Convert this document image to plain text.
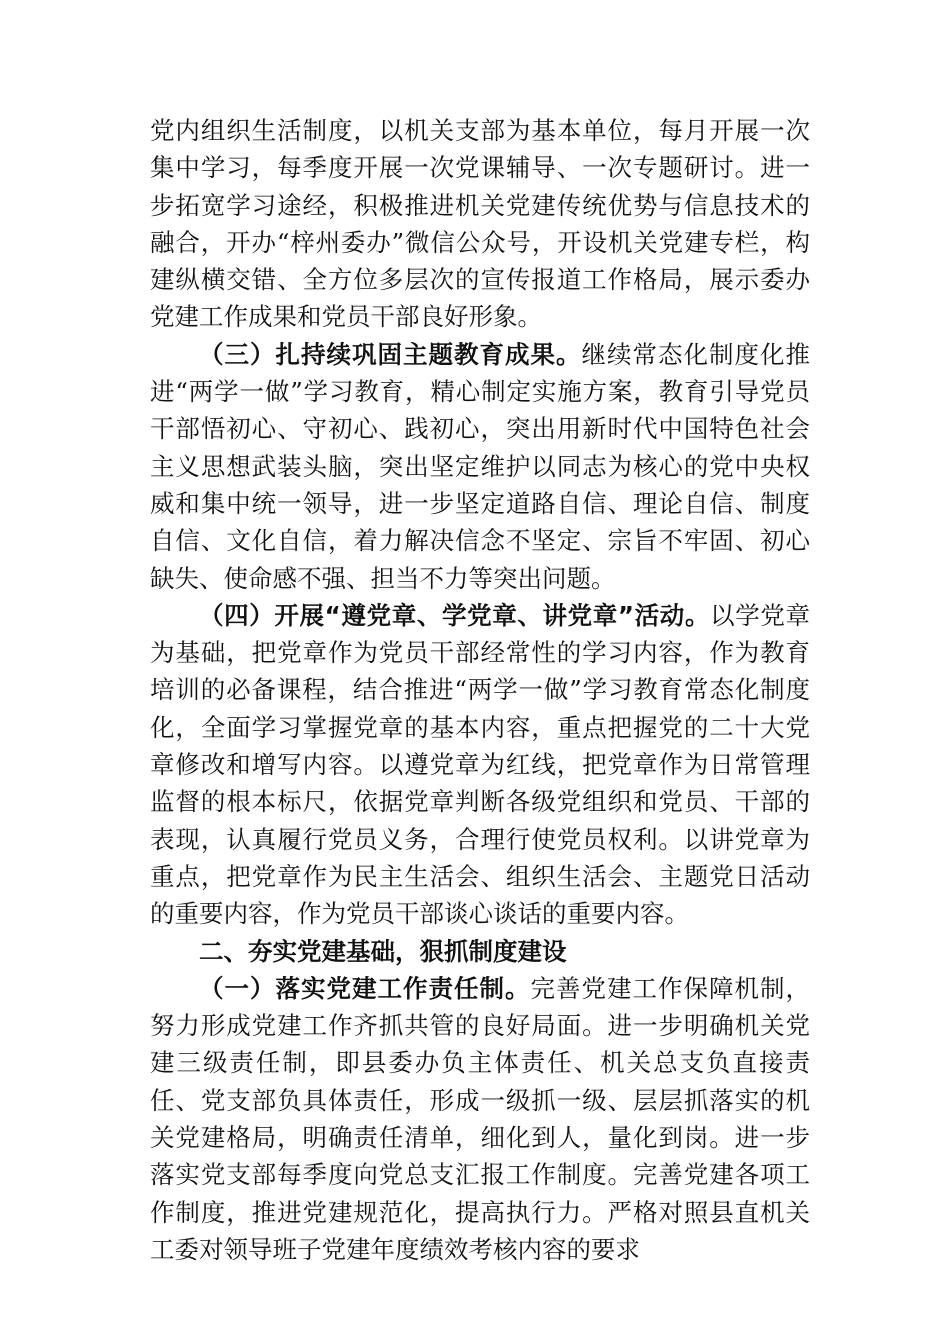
党内组织生活制度，以机关支部为基本单位，每月开展一次集中学习，每季度开展一次党课辅导、一次专题研讨。进一步拓宽学习途经，积极推进机关党建传统优势与信息技术的融合，开办“梓州委办”微信公众号，开设机关党建专栏，构建纵横交错、全方位多层次的宣传报道工作格局，展示委办党建工作成果和党员干部良好形象。

（三）扎持续巩固主题教育成果。继续常态化制度化推进“两学一做”学习教育，精心制定实施方案，教育引导党员干部悟初心、守初心、践初心，突出用新时代中国特色社会主义思想武装头脑，突出坚定维护以同志为核心的党中央权威和集中统一领导，进一步坚定道路自信、理论自信、制度自信、文化自信，着力解决信念不坚定、宗旨不牢固、初心缺失、使命感不强、担当不力等突出问题。

（四）开展“遵党章、学党章、讲党章”活动。以学党章为基础，把党章作为党员干部经常性的学习内容，作为教育培训的必备课程，结合推进“两学一做”学习教育常态化制度化，全面学习掌握党章的基本内容，重点把握党的二十大党章修改和增写内容。以遵党章为红线，把党章作为日常管理监督的根本标尺，依据党章判断各级党组织和党员、干部的表现，认真履行党员义务，合理行使党员权利。以讲党章为重点，把党章作为民主生活会、组织生活会、主题党日活动的重要内容，作为党员干部谈心谈话的重要内容。

二、夯实党建基础，狠抓制度建设

（一）落实党建工作责任制。完善党建工作保障机制，努力形成党建工作齐抓共管的良好局面。进一步明确机关党建三级责任制，即县委办负主体责任、机关总支负直接责任、党支部负具体责任，形成一级抓一级、层层抓落实的机关党建格局，明确责任清单，细化到人，量化到岗。进一步落实党支部每季度向党总支汇报工作制度。完善党建各项工作制度，推进党建规范化，提高执行力。严格对照县直机关工委对领导班子党建年度绩效考核内容的要求
